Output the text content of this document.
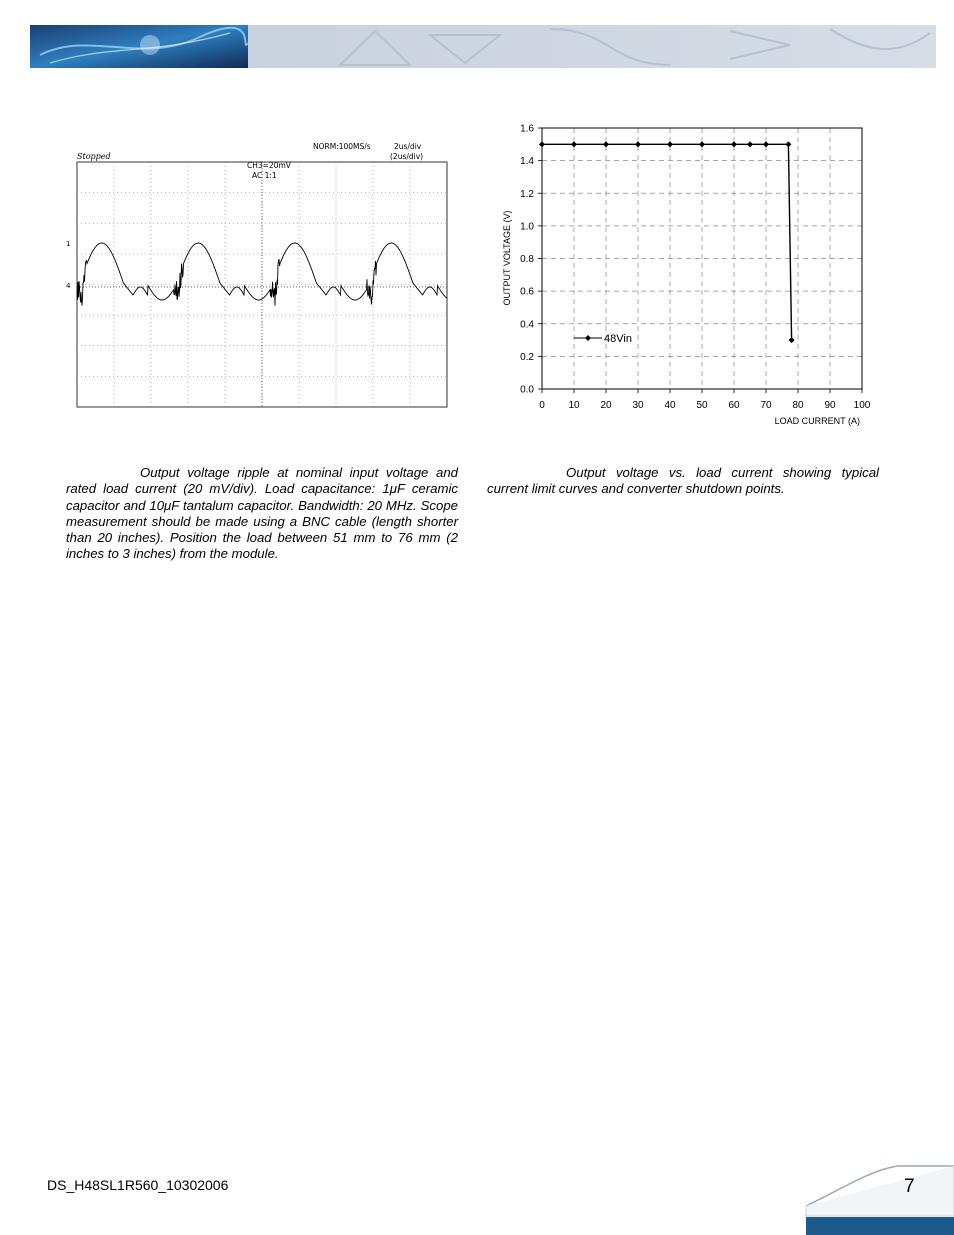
NORM:100MS/s	2us/div
(2us/div)
Stopped
CH3=20mV
AC 1:1
1
4
0.0
0.2
0.4
0.6
0.8
1.0
1.2
1.4
1.6
0 10 20 30 40 50 60 70 80 90 100
LOAD CURRENT (A)
OUTPUT VOLTAGE (V)
48Vin

Output voltage ripple at nominal input voltage and rated load current (20 mV/div). Load capacitance: 1μF ceramic capacitor and 10μF tantalum capacitor. Bandwidth: 20 MHz. Scope measurement should be made using a BNC cable (length shorter than 20 inches). Position the load between 51 mm to 76 mm (2 inches to 3 inches) from the module.

Output voltage vs. load current showing typical current limit curves and converter shutdown points.

DS_H48SL1R560_10302006	7
